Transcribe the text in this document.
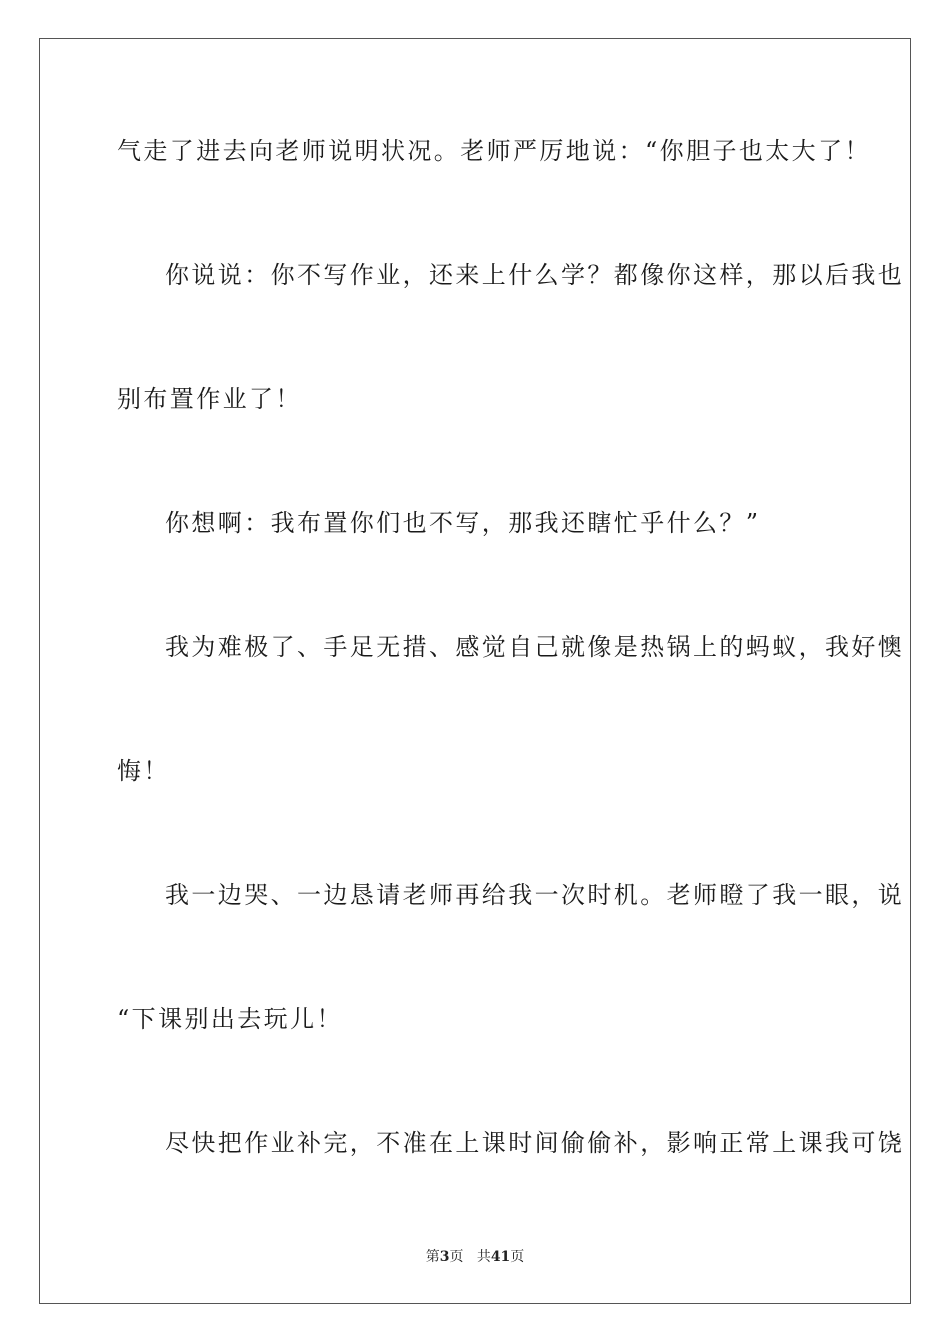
气走了进去向老师说明状况。老师严厉地说：“你胆子也太大了！
你说说：你不写作业，还来上什么学？都像你这样，那以后我也
别布置作业了！
你想啊：我布置你们也不写，那我还瞎忙乎什么？”
我为难极了、手足无措、感觉自己就像是热锅上的蚂蚁，我好懊
悔！
我一边哭、一边恳请老师再给我一次时机。老师瞪了我一眼，说
“下课别出去玩儿！
尽快把作业补完，不准在上课时间偷偷补，影响正常上课我可饶
第3页 共41页
